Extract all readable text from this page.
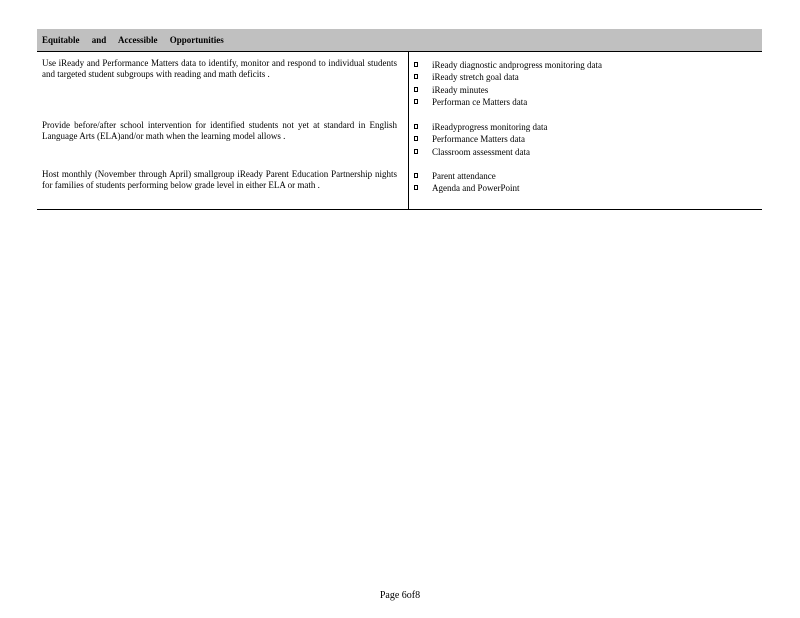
Equitable and Accessible Opportunities
Use iReady and Performance Matters data to identify, monitor and respond to individual students and targeted student subgroups with reading and math deficits .
iReady diagnostic andprogress monitoring data
iReady stretch goal data
iReady minutes
Performan ce Matters data
Provide before/after school intervention for identified students not yet at standard in English Language Arts (ELA)and/or math when the learning model allows .
iReadyprogress monitoring data
Performance Matters data
Classroom assessment data
Host monthly (November through April) smallgroup iReady Parent Education Partnership nights for families of students performing below grade level in either ELA or math .
Parent attendance
Agenda and PowerPoint
Page 6of8
